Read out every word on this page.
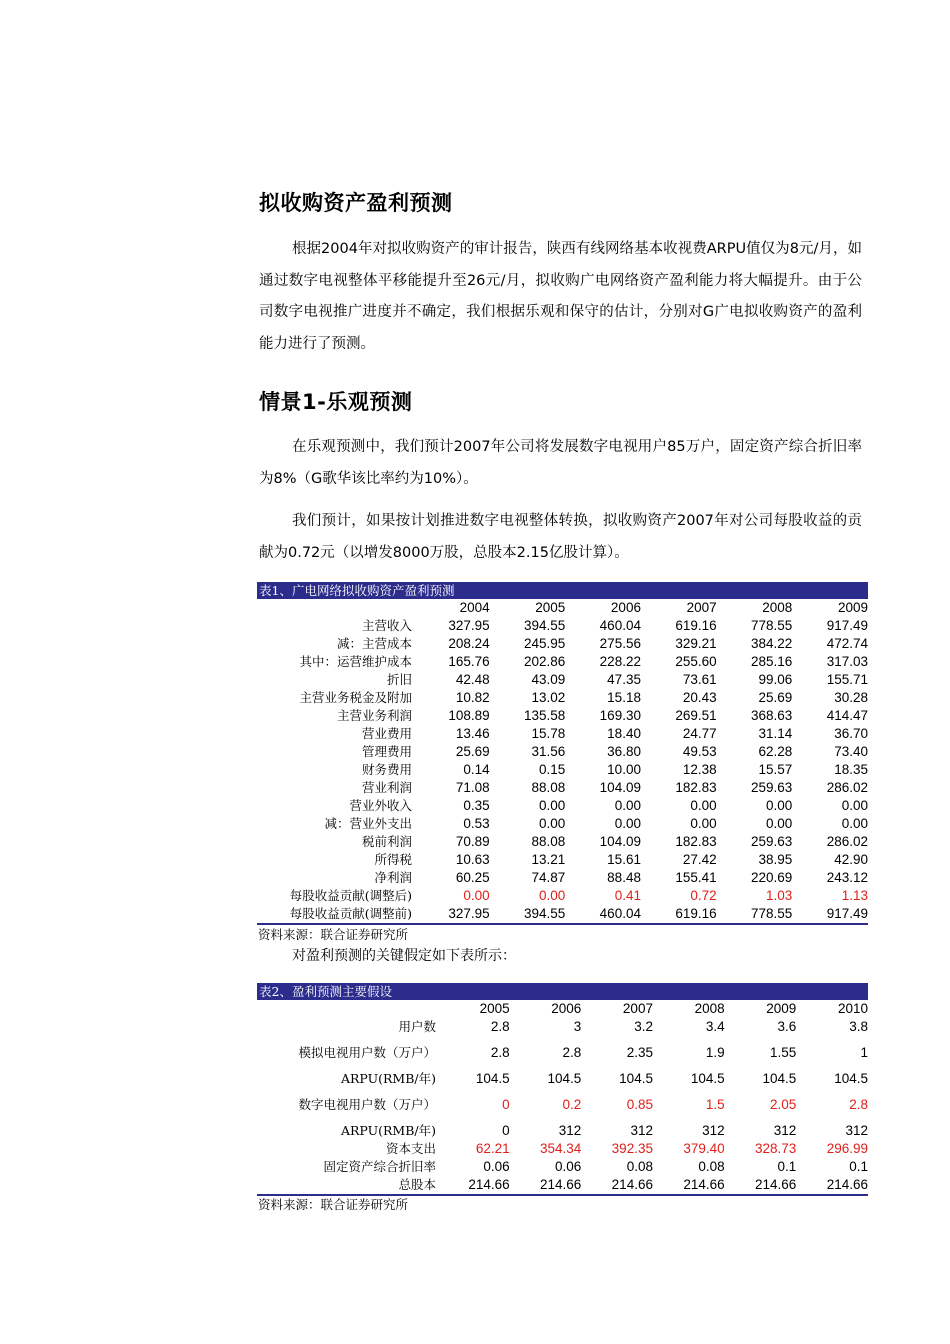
拟收购资产盈利预测

根据2004年对拟收购资产的审计报告，陕西有线网络基本收视费ARPU值仅为8元/月，如通过数字电视整体平移能提升至26元/月，拟收购广电网络资产盈利能力将大幅提升。由于公司数字电视推广进度并不确定，我们根据乐观和保守的估计，分别对G广电拟收购资产的盈利能力进行了预测。

情景1-乐观预测

在乐观预测中，我们预计2007年公司将发展数字电视用户85万户，固定资产综合折旧率为8%（G歌华该比率约为10%）。

我们预计，如果按计划推进数字电视整体转换，拟收购资产2007年对公司每股收益的贡献为0.72元（以增发8000万股，总股本2.15亿股计算）。

表1、广电网络拟收购资产盈利预测						
	2004	2005	2006	2007	2008	2009
主营收入	327.95	394.55	460.04	619.16	778.55	917.49
减：主营成本	208.24	245.95	275.56	329.21	384.22	472.74
其中：运营维护成本	165.76	202.86	228.22	255.60	285.16	317.03
折旧	42.48	43.09	47.35	73.61	99.06	155.71
主营业务税金及附加	10.82	13.02	15.18	20.43	25.69	30.28
主营业务利润	108.89	135.58	169.30	269.51	368.63	414.47
营业费用	13.46	15.78	18.40	24.77	31.14	36.70
管理费用	25.69	31.56	36.80	49.53	62.28	73.40
财务费用	0.14	0.15	10.00	12.38	15.57	18.35
营业利润	71.08	88.08	104.09	182.83	259.63	286.02
营业外收入	0.35	0.00	0.00	0.00	0.00	0.00
减：营业外支出	0.53	0.00	0.00	0.00	0.00	0.00
税前利润	70.89	88.08	104.09	182.83	259.63	286.02
所得税	10.63	13.21	15.61	27.42	38.95	42.90
净利润	60.25	74.87	88.48	155.41	220.69	243.12
每股收益贡献(调整后)	0.00	0.00	0.41	0.72	1.03	1.13
每股收益贡献(调整前)	327.95	394.55	460.04	619.16	778.55	917.49
资料来源：联合证券研究所
对盈利预测的关键假定如下表所示：
表2、盈利预测主要假设						
	2005	2006	2007	2008	2009	2010
用户数	2.8	3	3.2	3.4	3.6	3.8
模拟电视用户数（万户）	2.8	2.8	2.35	1.9	1.55	1
ARPU(RMB/年)	104.5	104.5	104.5	104.5	104.5	104.5
数字电视用户数（万户）	0	0.2	0.85	1.5	2.05	2.8
ARPU(RMB/年)	0	312	312	312	312	312
资本支出	62.21	354.34	392.35	379.40	328.73	296.99
固定资产综合折旧率	0.06	0.06	0.08	0.08	0.1	0.1
总股本	214.66	214.66	214.66	214.66	214.66	214.66
资料来源：联合证券研究所
